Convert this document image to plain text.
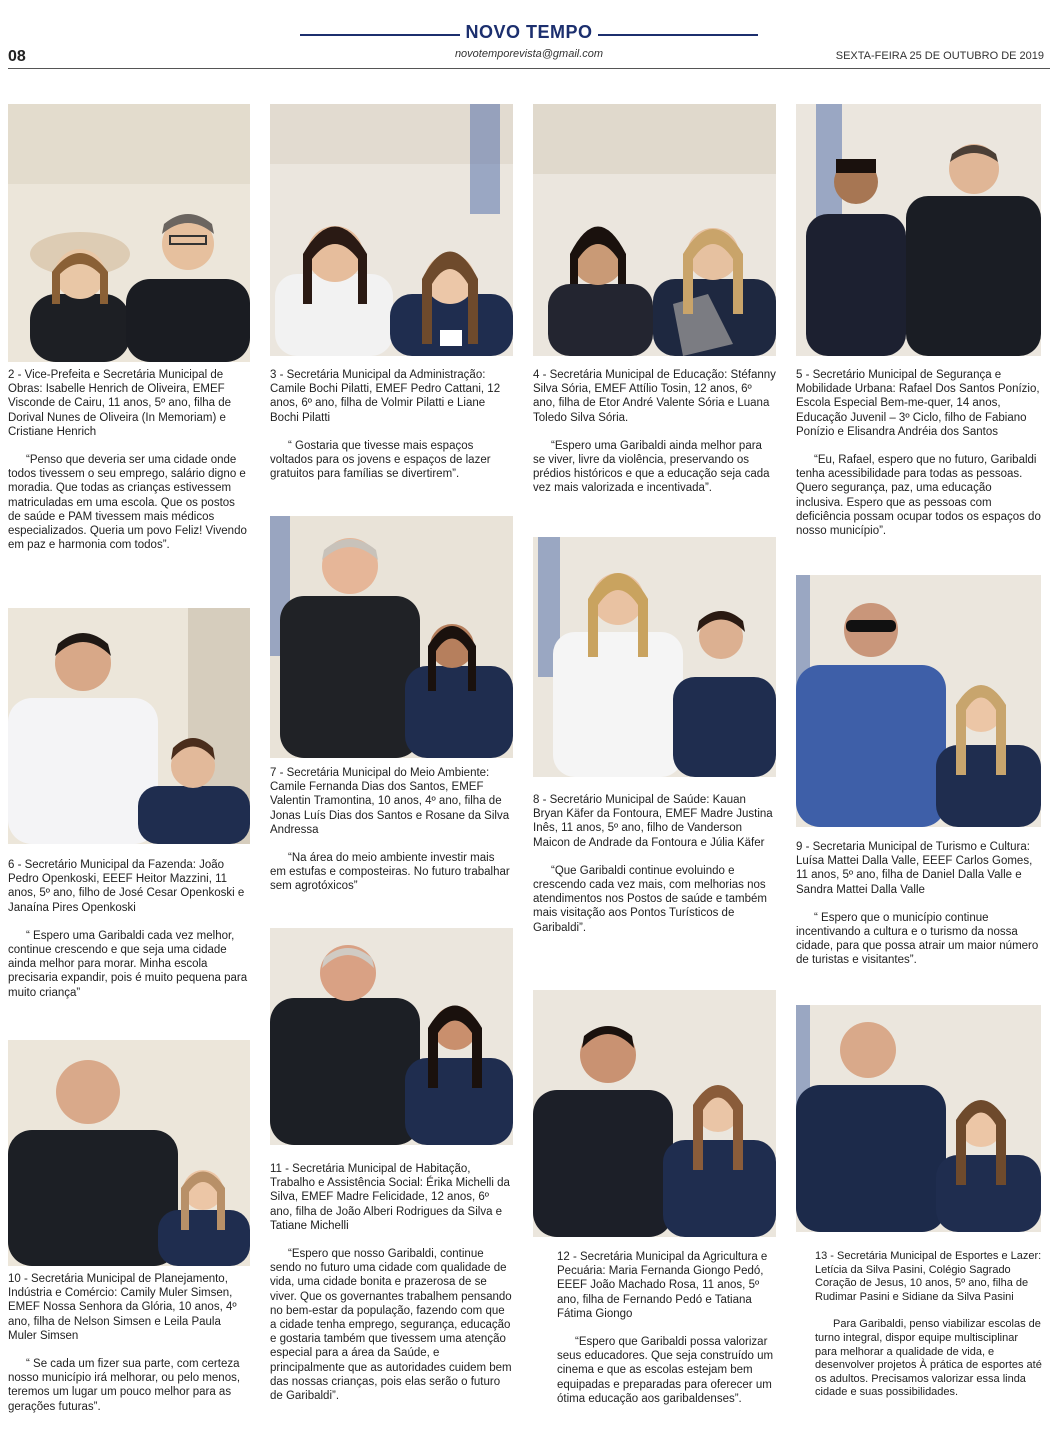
NOVO TEMPO
novotemporevista@gmail.com
08	SEXTA-FEIRA 25 DE OUTUBRO DE 2019

2 - Vice-Prefeita e Secretária Municipal de Obras: Isabelle Henrich de Oliveira, EMEF Visconde de Cairu, 11 anos, 5º ano, filha de Dorival Nunes de Oliveira (In Memoriam) e Cristiane Henrich

“Penso que deveria ser uma cidade onde todos tivessem o seu emprego, salário digno e moradia. Que todas as crianças estivessem matriculadas em uma escola. Que os postos de saúde e PAM tivessem mais médicos especializados. Queria um povo Feliz! Vivendo em paz e harmonia com todos”.

3 - Secretária Municipal da Administração: Camile Bochi Pilatti, EMEF Pedro Cattani, 12 anos, 6º ano, filha de Volmir Pilatti e Liane Bochi Pilatti

“ Gostaria que tivesse mais espaços voltados para os jovens e espaços de lazer gratuitos para famílias se divertirem”.

4 - Secretária Municipal de Educação: Stéfanny Silva Sória, EMEF Attílio Tosin, 12 anos, 6º ano, filha de Etor André Valente Sória e Luana Toledo Silva Sória.

“Espero uma Garibaldi ainda melhor para se viver, livre da violência, preservando os prédios históricos e que a educação seja cada vez mais valorizada e incentivada”.

5 - Secretário Municipal de Segurança e Mobilidade Urbana: Rafael Dos Santos Ponízio, Escola Especial Bem-me-quer, 14 anos, Educação Juvenil – 3º Ciclo, filho de Fabiano Ponízio e Elisandra Andréia dos Santos

“Eu, Rafael, espero que no futuro, Garibaldi tenha acessibilidade para todas as pessoas. Quero segurança, paz, uma educação inclusiva. Espero que as pessoas com deficiência possam ocupar todos os espaços do nosso município”.

6 - Secretário Municipal da Fazenda: João Pedro Openkoski, EEEF Heitor Mazzini, 11 anos, 5º ano, filho de José Cesar Openkoski e Janaína Pires Openkoski

“ Espero uma Garibaldi cada vez melhor, continue crescendo e que seja uma cidade ainda melhor para morar. Minha escola precisaria expandir, pois é muito pequena para muito criança”

7 - Secretária Municipal do Meio Ambiente: Camile Fernanda Dias dos Santos, EMEF Valentin Tramontina, 10 anos, 4º ano, filha de Jonas Luís Dias dos Santos e Rosane da Silva Andressa

“Na área do meio ambiente investir mais em estufas e composteiras. No futuro trabalhar sem agrotóxicos”

8 - Secretário Municipal de Saúde: Kauan Bryan Käfer da Fontoura, EMEF Madre Justina Inês, 11 anos, 5º ano, filho de Vanderson Maicon de Andrade da Fontoura e Júlia Käfer

“Que Garibaldi continue evoluindo e crescendo cada vez mais, com melhorias nos atendimentos nos Postos de saúde e também mais visitação aos Pontos Turísticos de Garibaldi”.

9 - Secretaria Municipal de Turismo e Cultura: Luísa Mattei Dalla Valle, EEEF Carlos Gomes, 11 anos, 5º ano, filha de Daniel Dalla Valle e Sandra Mattei Dalla Valle

“ Espero que o município continue incentivando a cultura e o turismo da nossa cidade, para que possa atrair um maior número de turistas e visitantes”.

10 - Secretária Municipal de Planejamento, Indústria e Comércio: Camily Muler Simsen, EMEF Nossa Senhora da Glória, 10 anos, 4º ano, filha de Nelson Simsen e Leila Paula Muler Simsen

“ Se cada um fizer sua parte, com certeza nosso município irá melhorar, ou pelo menos, teremos um lugar um pouco melhor para as gerações futuras”.

11 - Secretária Municipal de Habitação, Trabalho e Assistência Social: Érika Michelli da Silva, EMEF Madre Felicidade, 12 anos, 6º ano, filha de João Alberi Rodrigues da Silva e Tatiane Michelli

“Espero que nosso Garibaldi, continue sendo no futuro uma cidade com qualidade de vida, uma cidade bonita e prazerosa de se viver. Que os governantes trabalhem pensando no bem-estar da população, fazendo com que a cidade tenha emprego, segurança, educação e gostaria também que tivessem uma atenção especial para a área da Saúde, e principalmente que as autoridades cuidem bem das nossas crianças, pois elas serão o futuro de Garibaldi”.

12 - Secretária Municipal da Agricultura e Pecuária: Maria Fernanda Giongo Pedó, EEEF João Machado Rosa, 11 anos, 5º ano, filha de Fernando Pedó e Tatiana Fátima Giongo

“Espero que Garibaldi possa valorizar seus educadores. Que seja construído um cinema e que as escolas estejam bem equipadas e preparadas para oferecer um ótima educação aos garibaldenses”.

13 - Secretária Municipal de Esportes e Lazer: Letícia da Silva Pasini, Colégio Sagrado Coração de Jesus, 10 anos, 5º ano, filha de Rudimar Pasini e Sidiane da Silva Pasini

Para Garibaldi, penso viabilizar escolas de turno integral, dispor equipe multisciplinar para melhorar a qualidade de vida, e desenvolver projetos À prática de esportes até os adultos. Precisamos valorizar essa linda cidade e suas possibilidades.
